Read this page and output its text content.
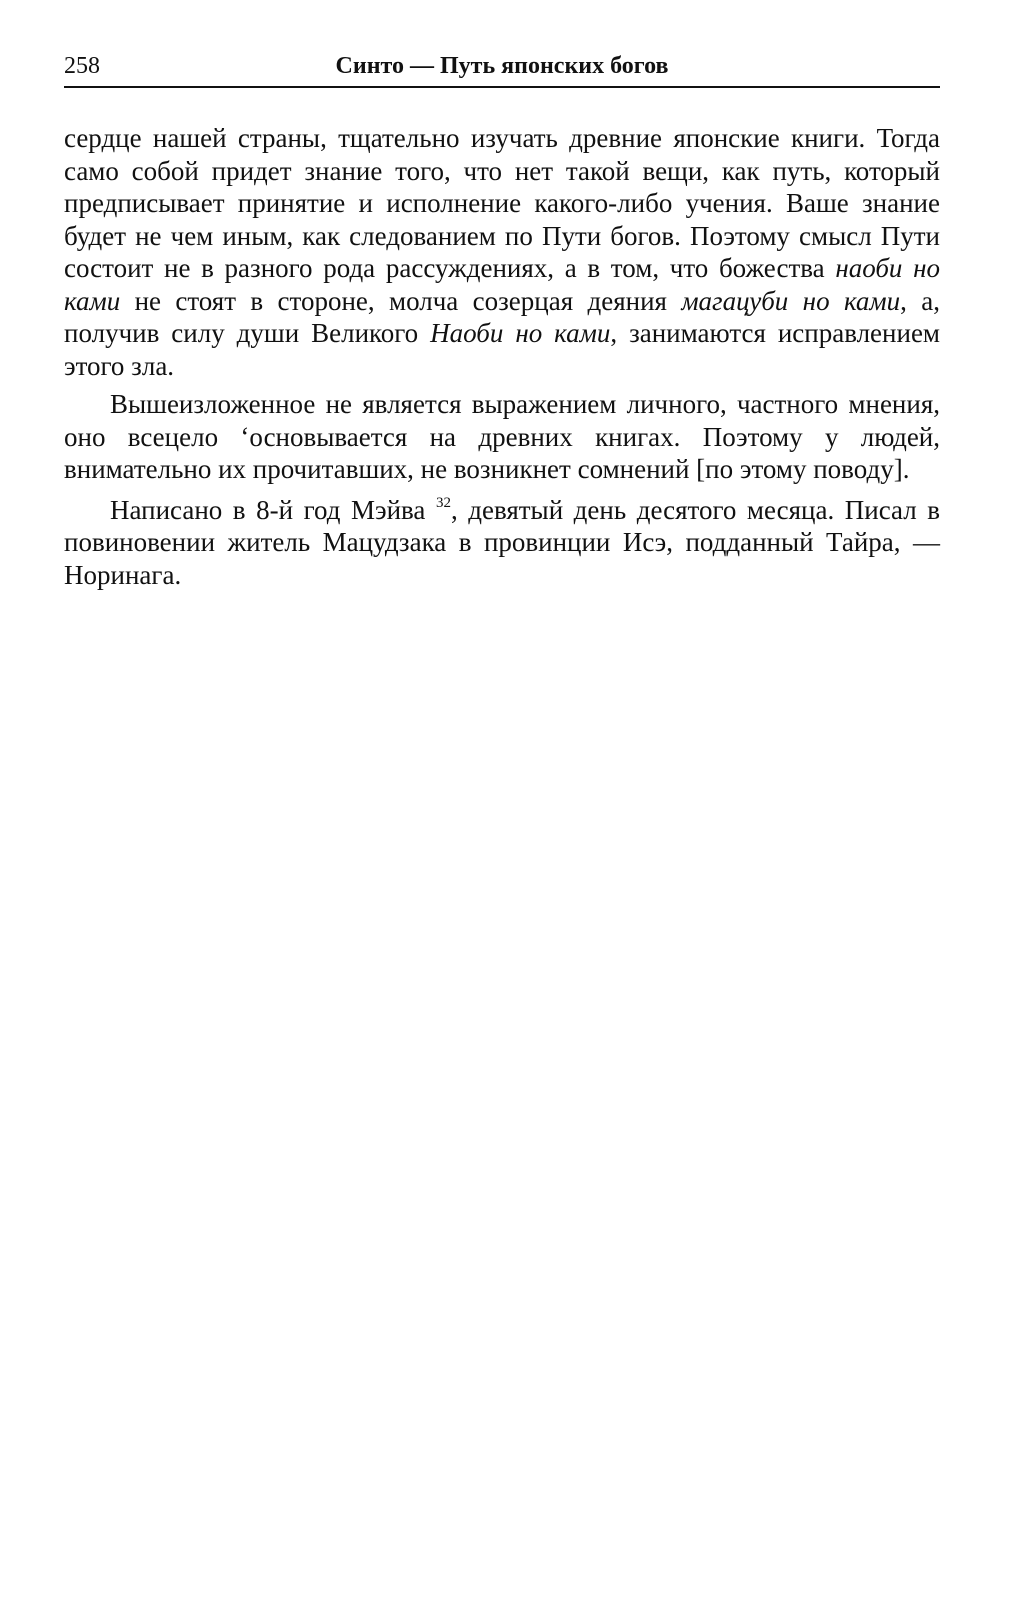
258	Синто — Путь японских богов

сердце нашей страны, тщательно изучать древние японские книги. Тогда само собой придет знание того, что нет такой вещи, как путь, который предписывает принятие и исполнение какого-либо учения. Ваше знание будет не чем иным, как следованием по Пути богов. Поэтому смысл Пути состоит не в разного рода рассуждениях, а в том, что божества наоби но ками не стоят в стороне, молча созерцая деяния магацуби но ками, а, получив силу души Великого Наоби но ками, занимаются исправлением этого зла.

Вышеизложенное не является выражением личного, частного мнения, оно всецело ‘основывается на древних книгах. Поэтому у людей, внимательно их прочитавших, не возникнет сомнений [по этому поводу].

Написано в 8-й год Мэйва $^{32}$, девятый день десятого месяца. Писал в повиновении житель Мацудзака в провинции Исэ, подданный Тайра, — Норинага.
